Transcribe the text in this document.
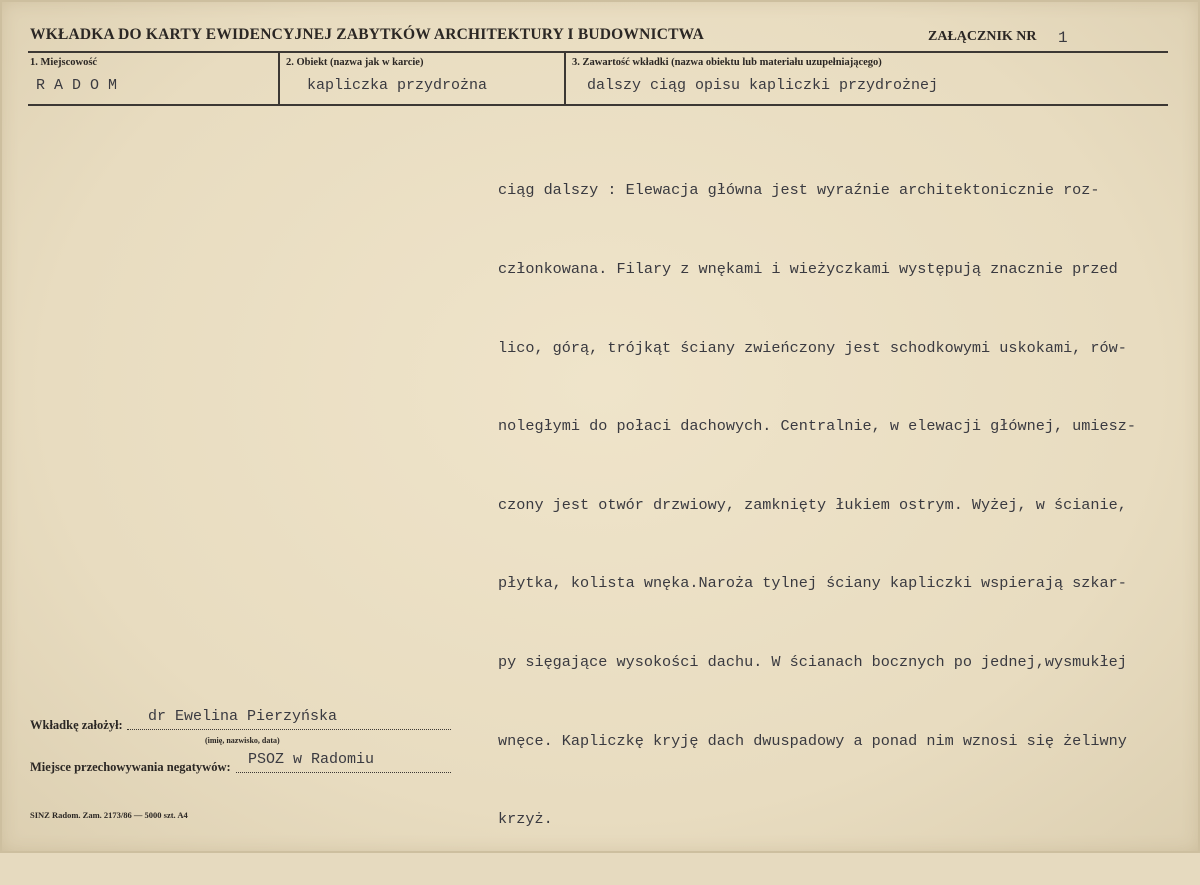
WKŁADKA DO KARTY EWIDENCYJNEJ ZABYTKÓW ARCHITEKTURY I BUDOWNICTWA	ZAŁĄCZNIK NR 1
1. Miejscowość	2. Obiekt (nazwa jak w karcie)	3. Zawartość wkładki (nazwa obiektu lub materiału uzupełniającego)
RADOM	kapliczka przydrożna	dalszy ciąg opisu kapliczki przydrożnej

ciąg dalszy : Elewacja główna jest wyraźnie architektonicznie roz-

członkowana. Filary z wnękami i wieżyczkami występują znacznie przed

lico, górą, trójkąt ściany zwieńczony jest schodkowymi uskokami, rów-

noległymi do połaci dachowych. Centralnie, w elewacji głównej, umiesz-

czony jest otwór drzwiowy, zamknięty łukiem ostrym. Wyżej, w ścianie,

płytka, kolista wnęka.Naroża tylnej ściany kapliczki wspierają szkar-

py sięgające wysokości dachu. W ścianach bocznych po jednej,wysmukłej

wnęce. Kapliczkę kryję dach dwuspadowy a ponad nim wznosi się żeliwny

krzyż.

Wkładkę założył: dr Ewelina Pierzyńska
(imię, nazwisko, data)
Miejsce przechowywania negatywów: PSOZ w Radomiu
SINZ Radom. Zam. 2173/86 — 5000 szt. A4
